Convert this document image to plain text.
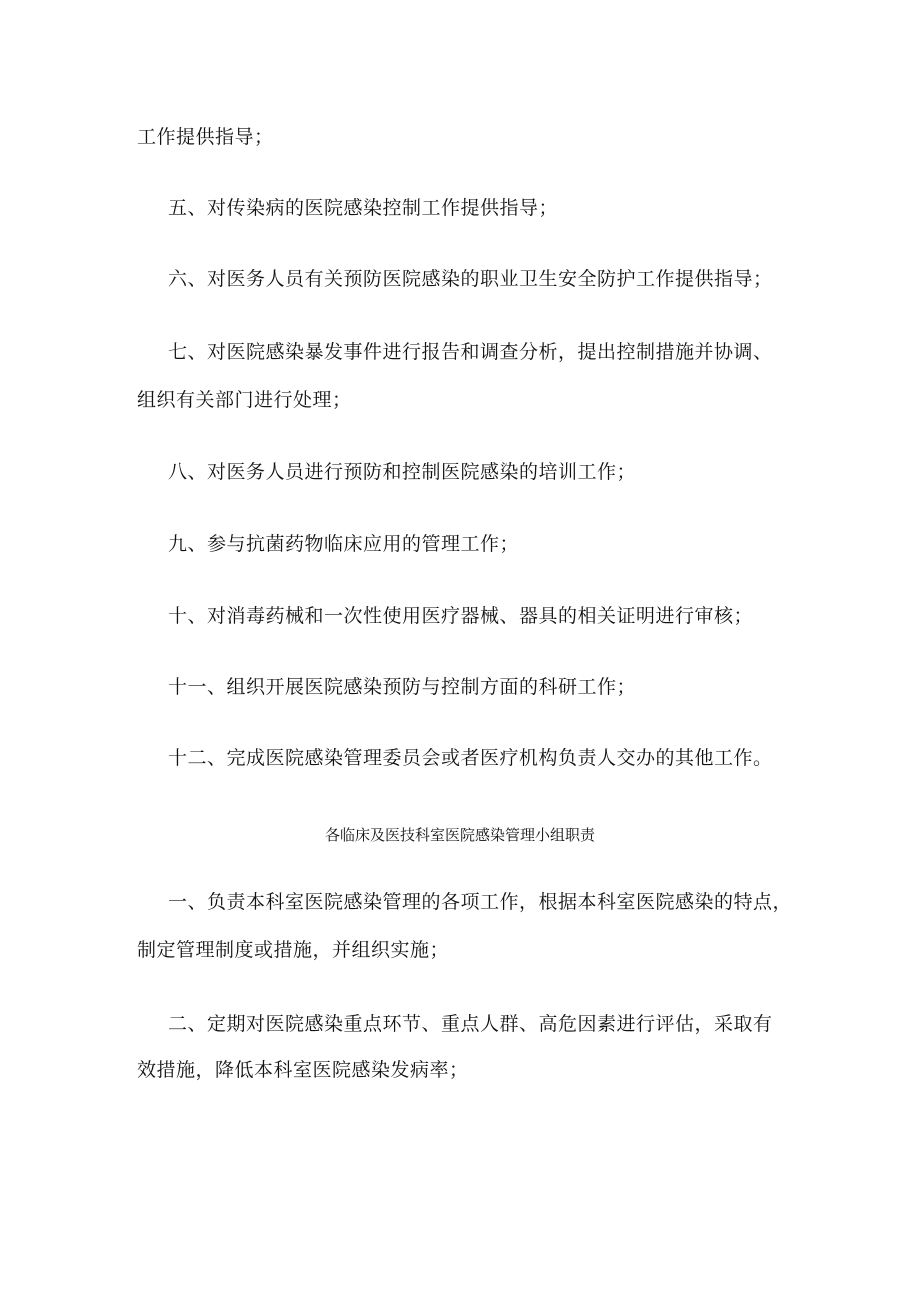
工作提供指导；
五、对传染病的医院感染控制工作提供指导；
六、对医务人员有关预防医院感染的职业卫生安全防护工作提供指导；
七、对医院感染暴发事件进行报告和调查分析，提出控制措施并协调、
组织有关部门进行处理；
八、对医务人员进行预防和控制医院感染的培训工作；
九、参与抗菌药物临床应用的管理工作；
十、对消毒药械和一次性使用医疗器械、器具的相关证明进行审核；
十一、组织开展医院感染预防与控制方面的科研工作；
十二、完成医院感染管理委员会或者医疗机构负责人交办的其他工作。
各临床及医技科室医院感染管理小组职责
一、负责本科室医院感染管理的各项工作，根据本科室医院感染的特点，
制定管理制度或措施，并组织实施；
二、定期对医院感染重点环节、重点人群、高危因素进行评估，采取有
效措施，降低本科室医院感染发病率；
